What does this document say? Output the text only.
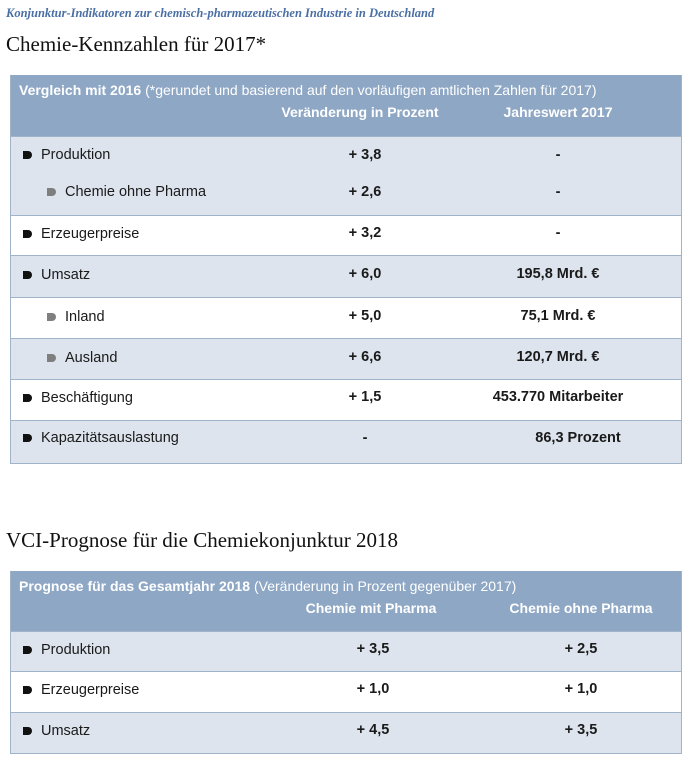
Konjunktur-Indikatoren zur chemisch-pharmazeutischen Industrie in Deutschland
Chemie-Kennzahlen für 2017*
Vergleich mit 2016 (*gerundet und basierend auf den vorläufigen amtlichen Zahlen für 2017)
Veränderung in Prozent	Jahreswert 2017
Produktion	+ 3,8	-
Chemie ohne Pharma	+ 2,6	-
Erzeugerpreise	+ 3,2	-
Umsatz	+ 6,0	195,8 Mrd. €
Inland	+ 5,0	75,1 Mrd. €
Ausland	+ 6,6	120,7 Mrd. €
Beschäftigung	+ 1,5	453.770 Mitarbeiter
Kapazitätsauslastung	-	86,3 Prozent
VCI-Prognose für die Chemiekonjunktur 2018
Prognose für das Gesamtjahr 2018 (Veränderung in Prozent gegenüber 2017)
Chemie mit Pharma	Chemie ohne Pharma
Produktion	+ 3,5	+ 2,5
Erzeugerpreise	+ 1,0	+ 1,0
Umsatz	+ 4,5	+ 3,5
